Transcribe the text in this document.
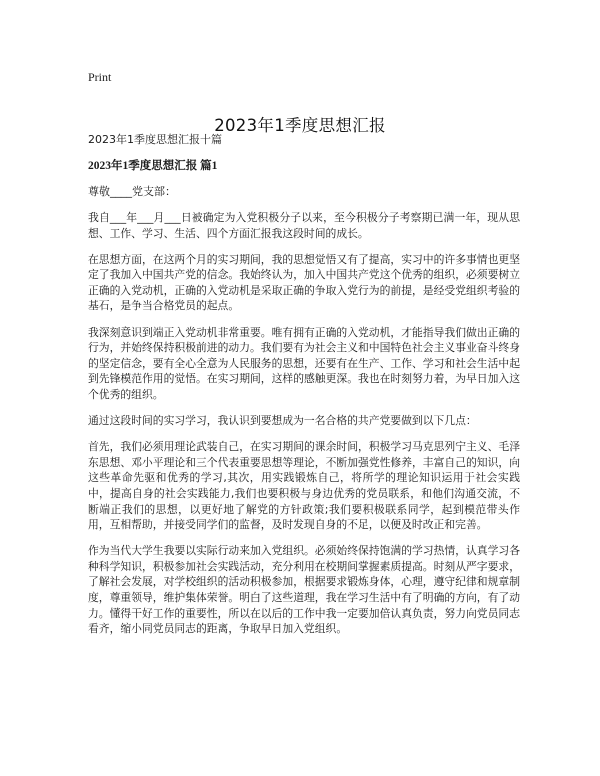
Print
2023年1季度思想汇报

2023年1季度思想汇报十篇

2023年1季度思想汇报 篇1

尊敬____党支部：

我自___年___月___日被确定为入党积极分子以来，至今积极分子考察期已满一年，现从思想、工作、学习、生活、四个方面汇报我这段时间的成长。

在思想方面，在这两个月的实习期间，我的思想觉悟又有了提高，实习中的许多事情也更坚定了我加入中国共产党的信念。我始终认为，加入中国共产党这个优秀的组织，必须要树立正确的入党动机，正确的入党动机是采取正确的争取入党行为的前提，是经受党组织考验的基石，是争当合格党员的起点。

我深刻意识到端正入党动机非常重要。唯有拥有正确的入党动机，才能指导我们做出正确的行为，并始终保持积极前进的动力。我们要有为社会主义和中国特色社会主义事业奋斗终身的坚定信念，要有全心全意为人民服务的思想，还要有在生产、工作、学习和社会生活中起到先锋模范作用的觉悟。在实习期间，这样的感触更深。我也在时刻努力着，为早日加入这个优秀的组织。

通过这段时间的实习学习，我认识到要想成为一名合格的共产党要做到以下几点：

首先，我们必须用理论武装自己，在实习期间的课余时间，积极学习马克思列宁主义、毛泽东思想、邓小平理论和三个代表重要思想等理论，不断加强党性修养，丰富自己的知识，向这些革命先驱和优秀的学习,其次，用实践锻炼自己，将所学的理论知识运用于社会实践中，提高自身的社会实践能力,我们也要积极与身边优秀的党员联系，和他们沟通交流，不断端正我们的思想，以更好地了解党的方针政策;我们要积极联系同学，起到模范带头作用，互相帮助，并接受同学们的监督，及时发现自身的不足，以便及时改正和完善。

作为当代大学生我要以实际行动来加入党组织。必须始终保持饱满的学习热情，认真学习各种科学知识，积极参加社会实践活动，充分利用在校期间掌握素质提高。时刻从严字要求，了解社会发展，对学校组织的活动积极参加，根据要求锻炼身体，心理，遵守纪律和规章制度，尊重领导，维护集体荣誉。明白了这些道理，我在学习生活中有了明确的方向，有了动力。懂得干好工作的重要性，所以在以后的工作中我一定要加倍认真负责，努力向党员同志看齐，缩小同党员同志的距离，争取早日加入党组织。
